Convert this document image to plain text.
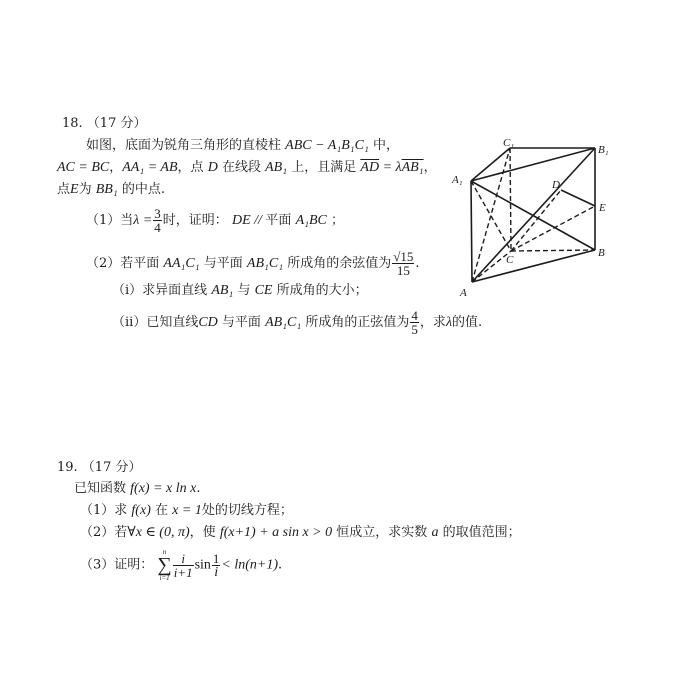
18. （17 分）
如图，底面为锐角三角形的直棱柱 ABC − A₁B₁C₁ 中，
AC = BC，AA₁ = AB，点 D 在线段 AB₁ 上，且满足 $\overline{AD} = \lambda AB_1$，
点E为 BB₁ 的中点.
（1）当$\lambda = \frac{3}{4}$ 时，证明： DE // 平面 A₁BC ；
（2）若平面 AA₁C₁ 与平面 AB₁C₁ 所成角的余弦值为 $\frac{√15}{15}$ .
（i）求异面直线 AB₁ 与 CE 所成角的大小；
（ii）已知直线CD 与平面 AB₁C₁ 所成角的正弦值为 $\frac{4}{5}$ ，求λ的值.
C₁
B₁
A₁	D
E
B
C
A
19. （17 分）
已知函数 f(x) = x ln x.
（1）求 f(x) 在 x = 1处的切线方程；
（2）若∀x ∈ (0, π)，使 f(x+1) + a sin x > 0 恒成立，求实数 a 的取值范围；
（3）证明：
n
∑
$i=1 \frac{i}{i+1}$ $\sin \frac{1}{i} < \ln(n+1)$.
